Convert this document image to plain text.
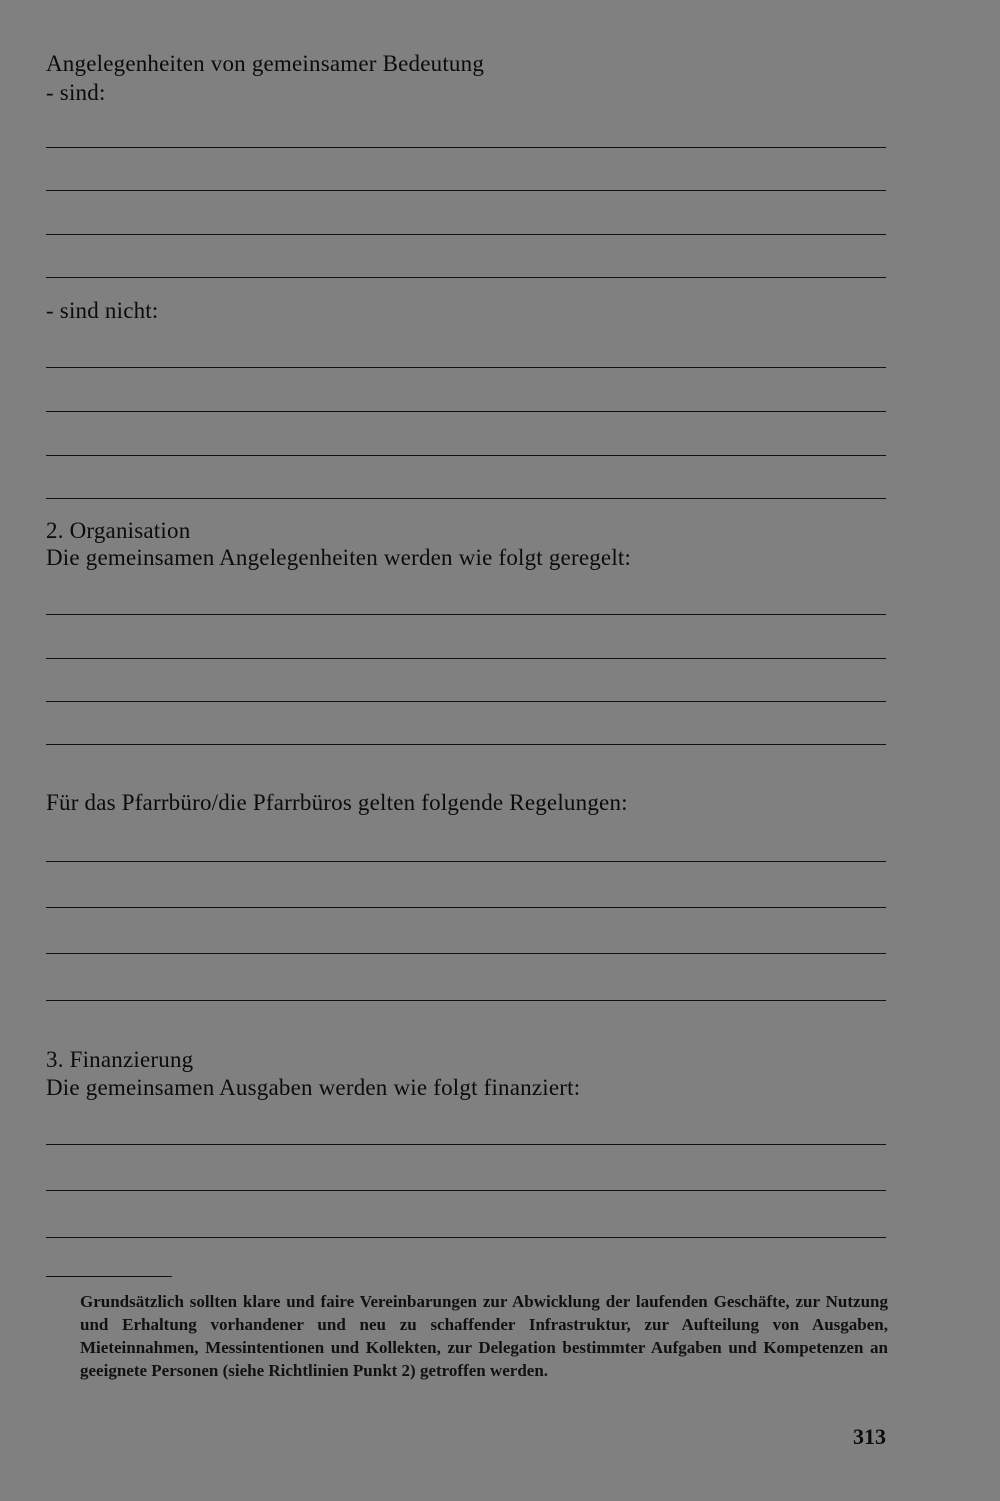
Angelegenheiten von gemeinsamer Bedeutung
- sind:
- sind nicht:
2. Organisation
Die gemeinsamen Angelegenheiten werden wie folgt geregelt:
Für das Pfarrbüro/die Pfarrbüros gelten folgende Regelungen:
3. Finanzierung
Die gemeinsamen Ausgaben werden wie folgt finanziert:
Grundsätzlich sollten klare und faire Vereinbarungen zur Abwicklung der laufenden Geschäfte, zur Nutzung und Erhaltung vorhandener und neu zu schaffender Infrastruktur, zur Aufteilung von Ausgaben, Mieteinnahmen, Messintentionen und Kollekten, zur Delegation bestimmter Aufgaben und Kompetenzen an geeignete Personen (siehe Richtlinien Punkt 2) getroffen werden.
313
